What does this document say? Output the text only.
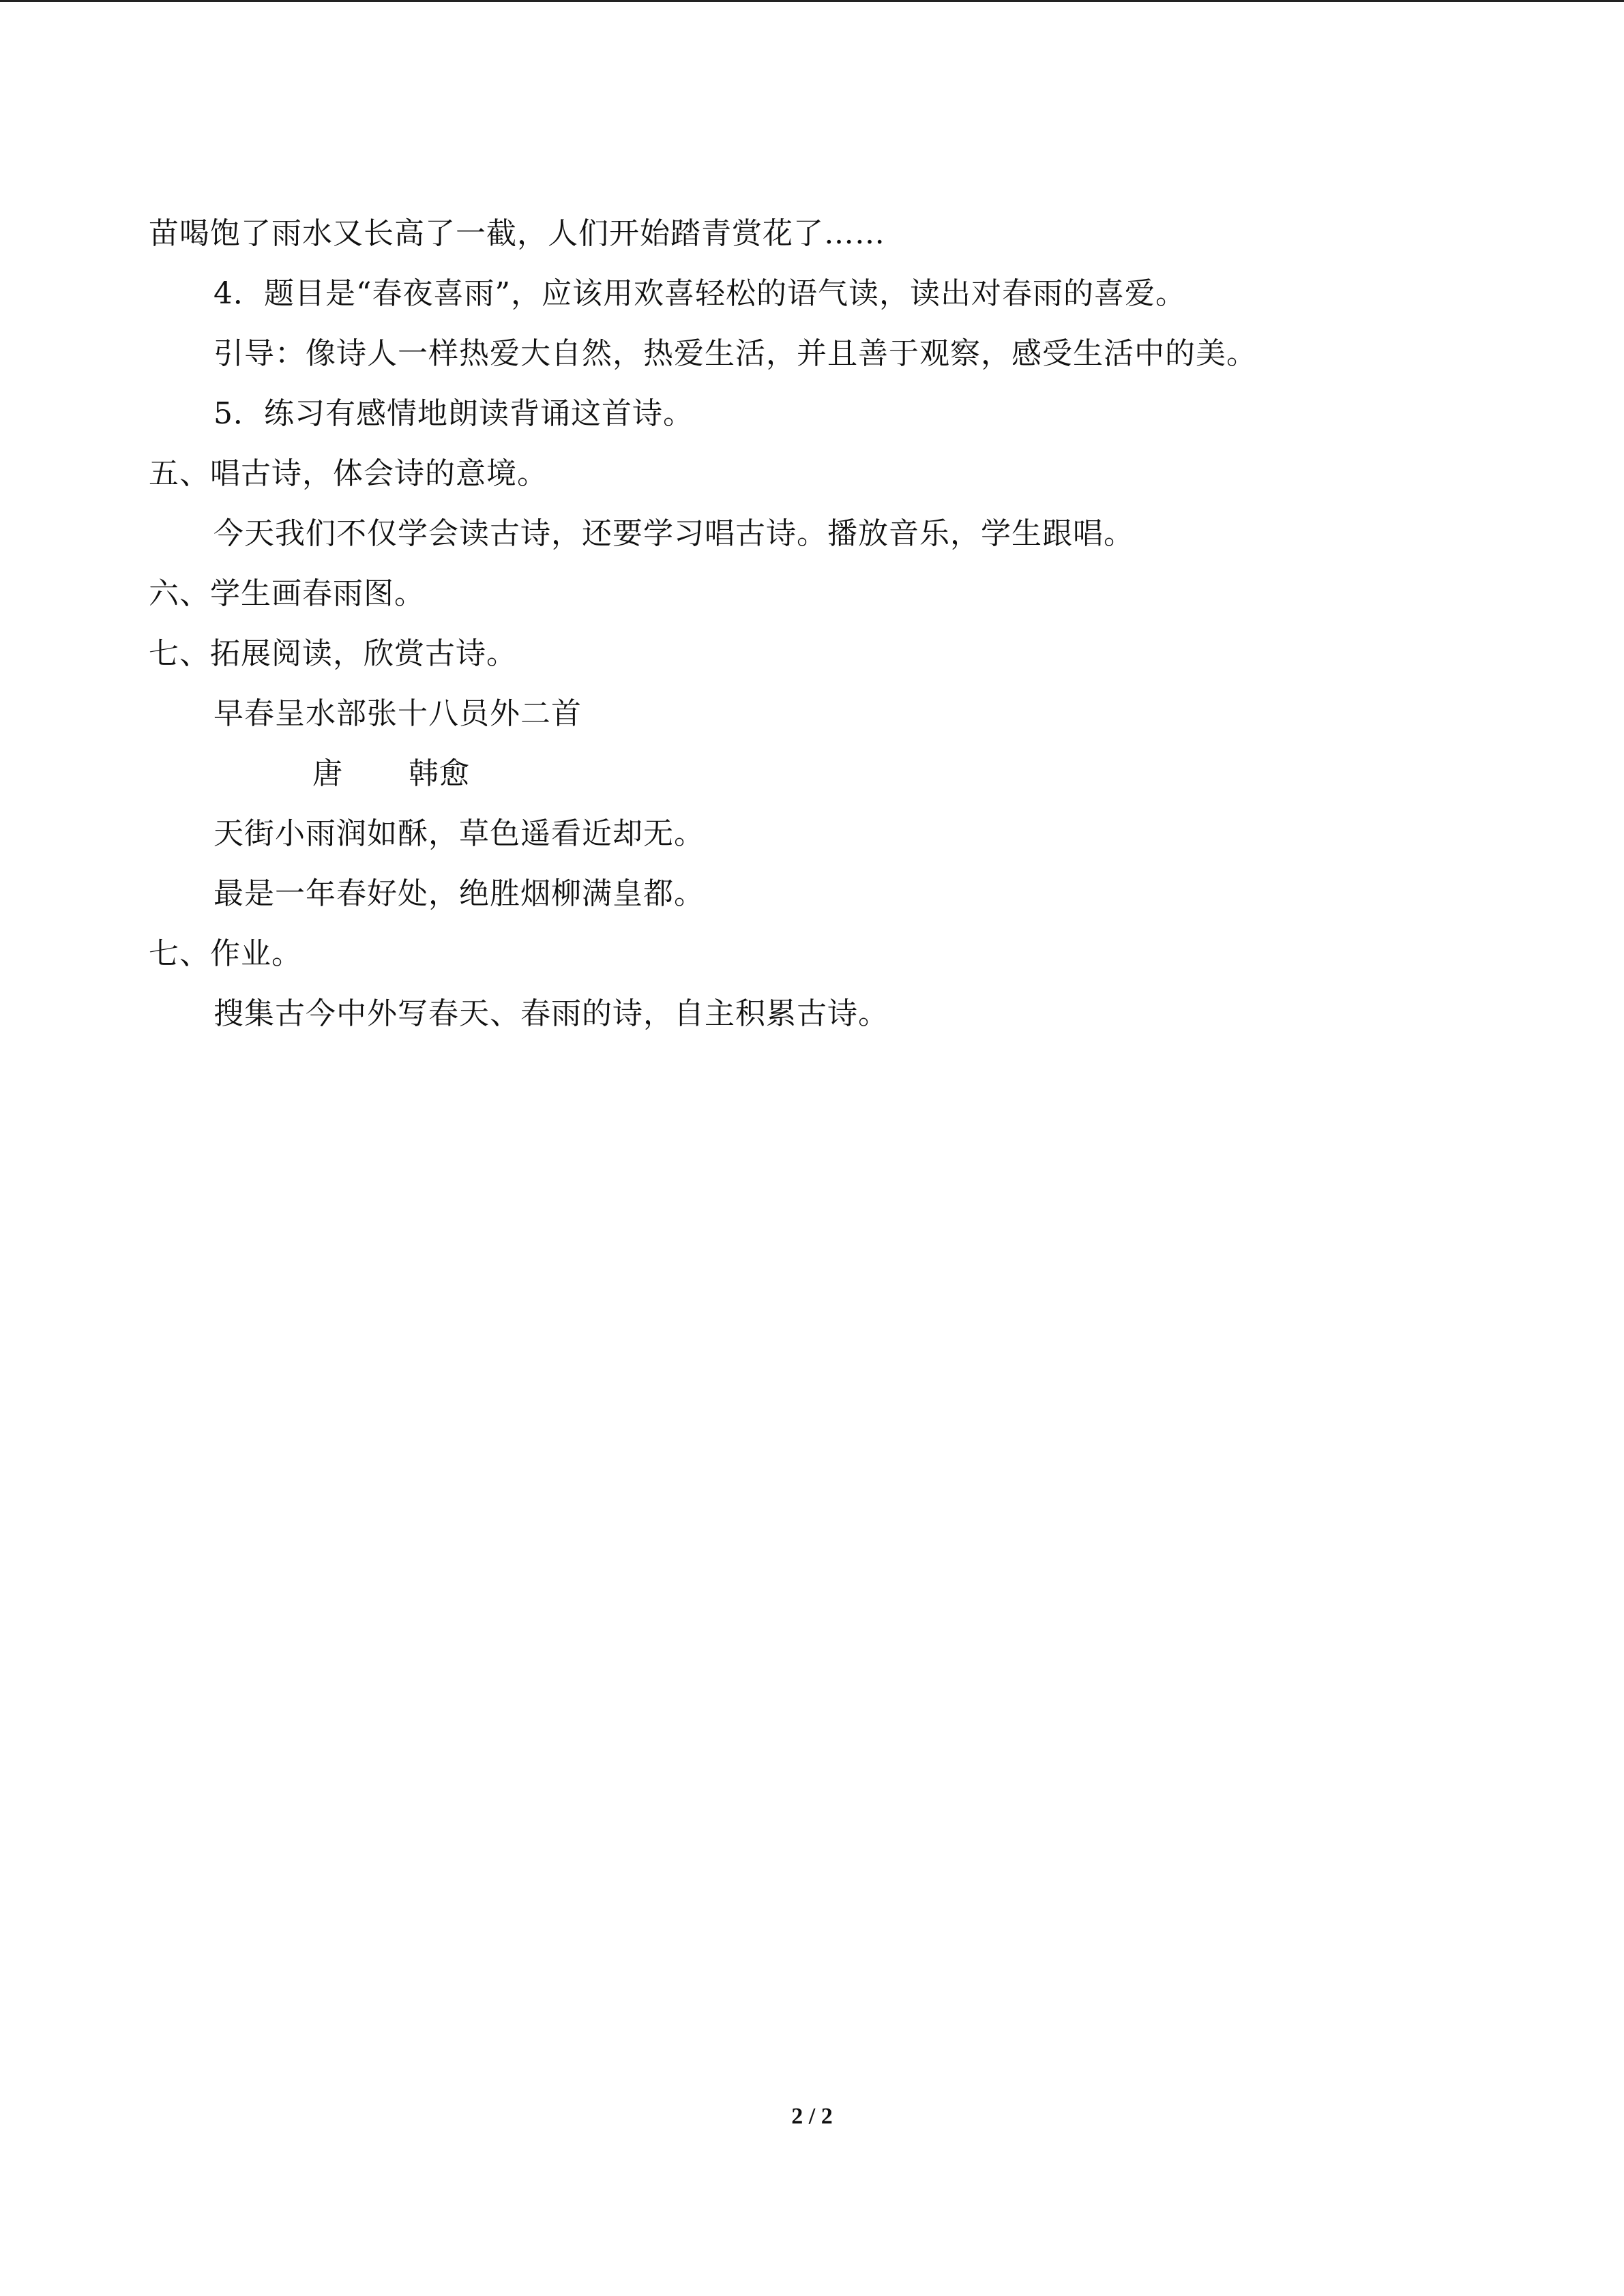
苗喝饱了雨水又长高了一截，人们开始踏青赏花了……
4．题目是“春夜喜雨”，应该用欢喜轻松的语气读，读出对春雨的喜爱。
引导：像诗人一样热爱大自然，热爱生活，并且善于观察，感受生活中的美。
5．练习有感情地朗读背诵这首诗。
五、唱古诗，体会诗的意境。
今天我们不仅学会读古诗，还要学习唱古诗。播放音乐，学生跟唱。
六、学生画春雨图。
七、拓展阅读，欣赏古诗。
早春呈水部张十八员外二首
唐 韩愈
天街小雨润如酥，草色遥看近却无。
最是一年春好处，绝胜烟柳满皇都。
七、作业。
搜集古今中外写春天、春雨的诗，自主积累古诗。
2 / 2
